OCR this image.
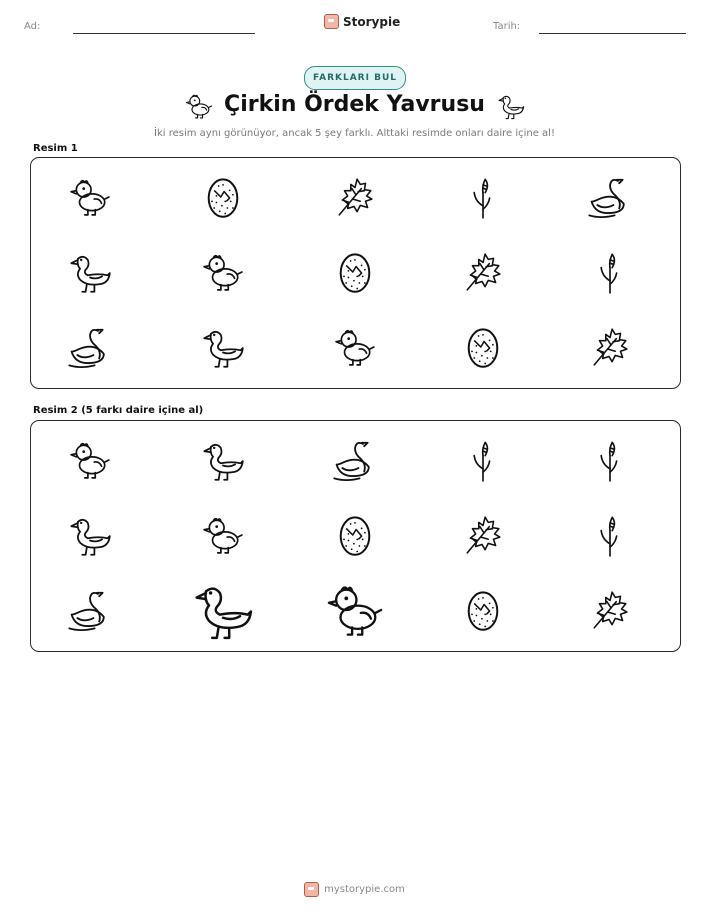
Ad:	Storypie	Tarih:
FARKLARI BUL
Çirkin Ördek Yavrusu
İki resim aynı görünüyor, ancak 5 şey farklı. Alttaki resimde onları daire içine al!
Resim 1
Resim 2 (5 farkı daire içine al)
mystorypie.com
